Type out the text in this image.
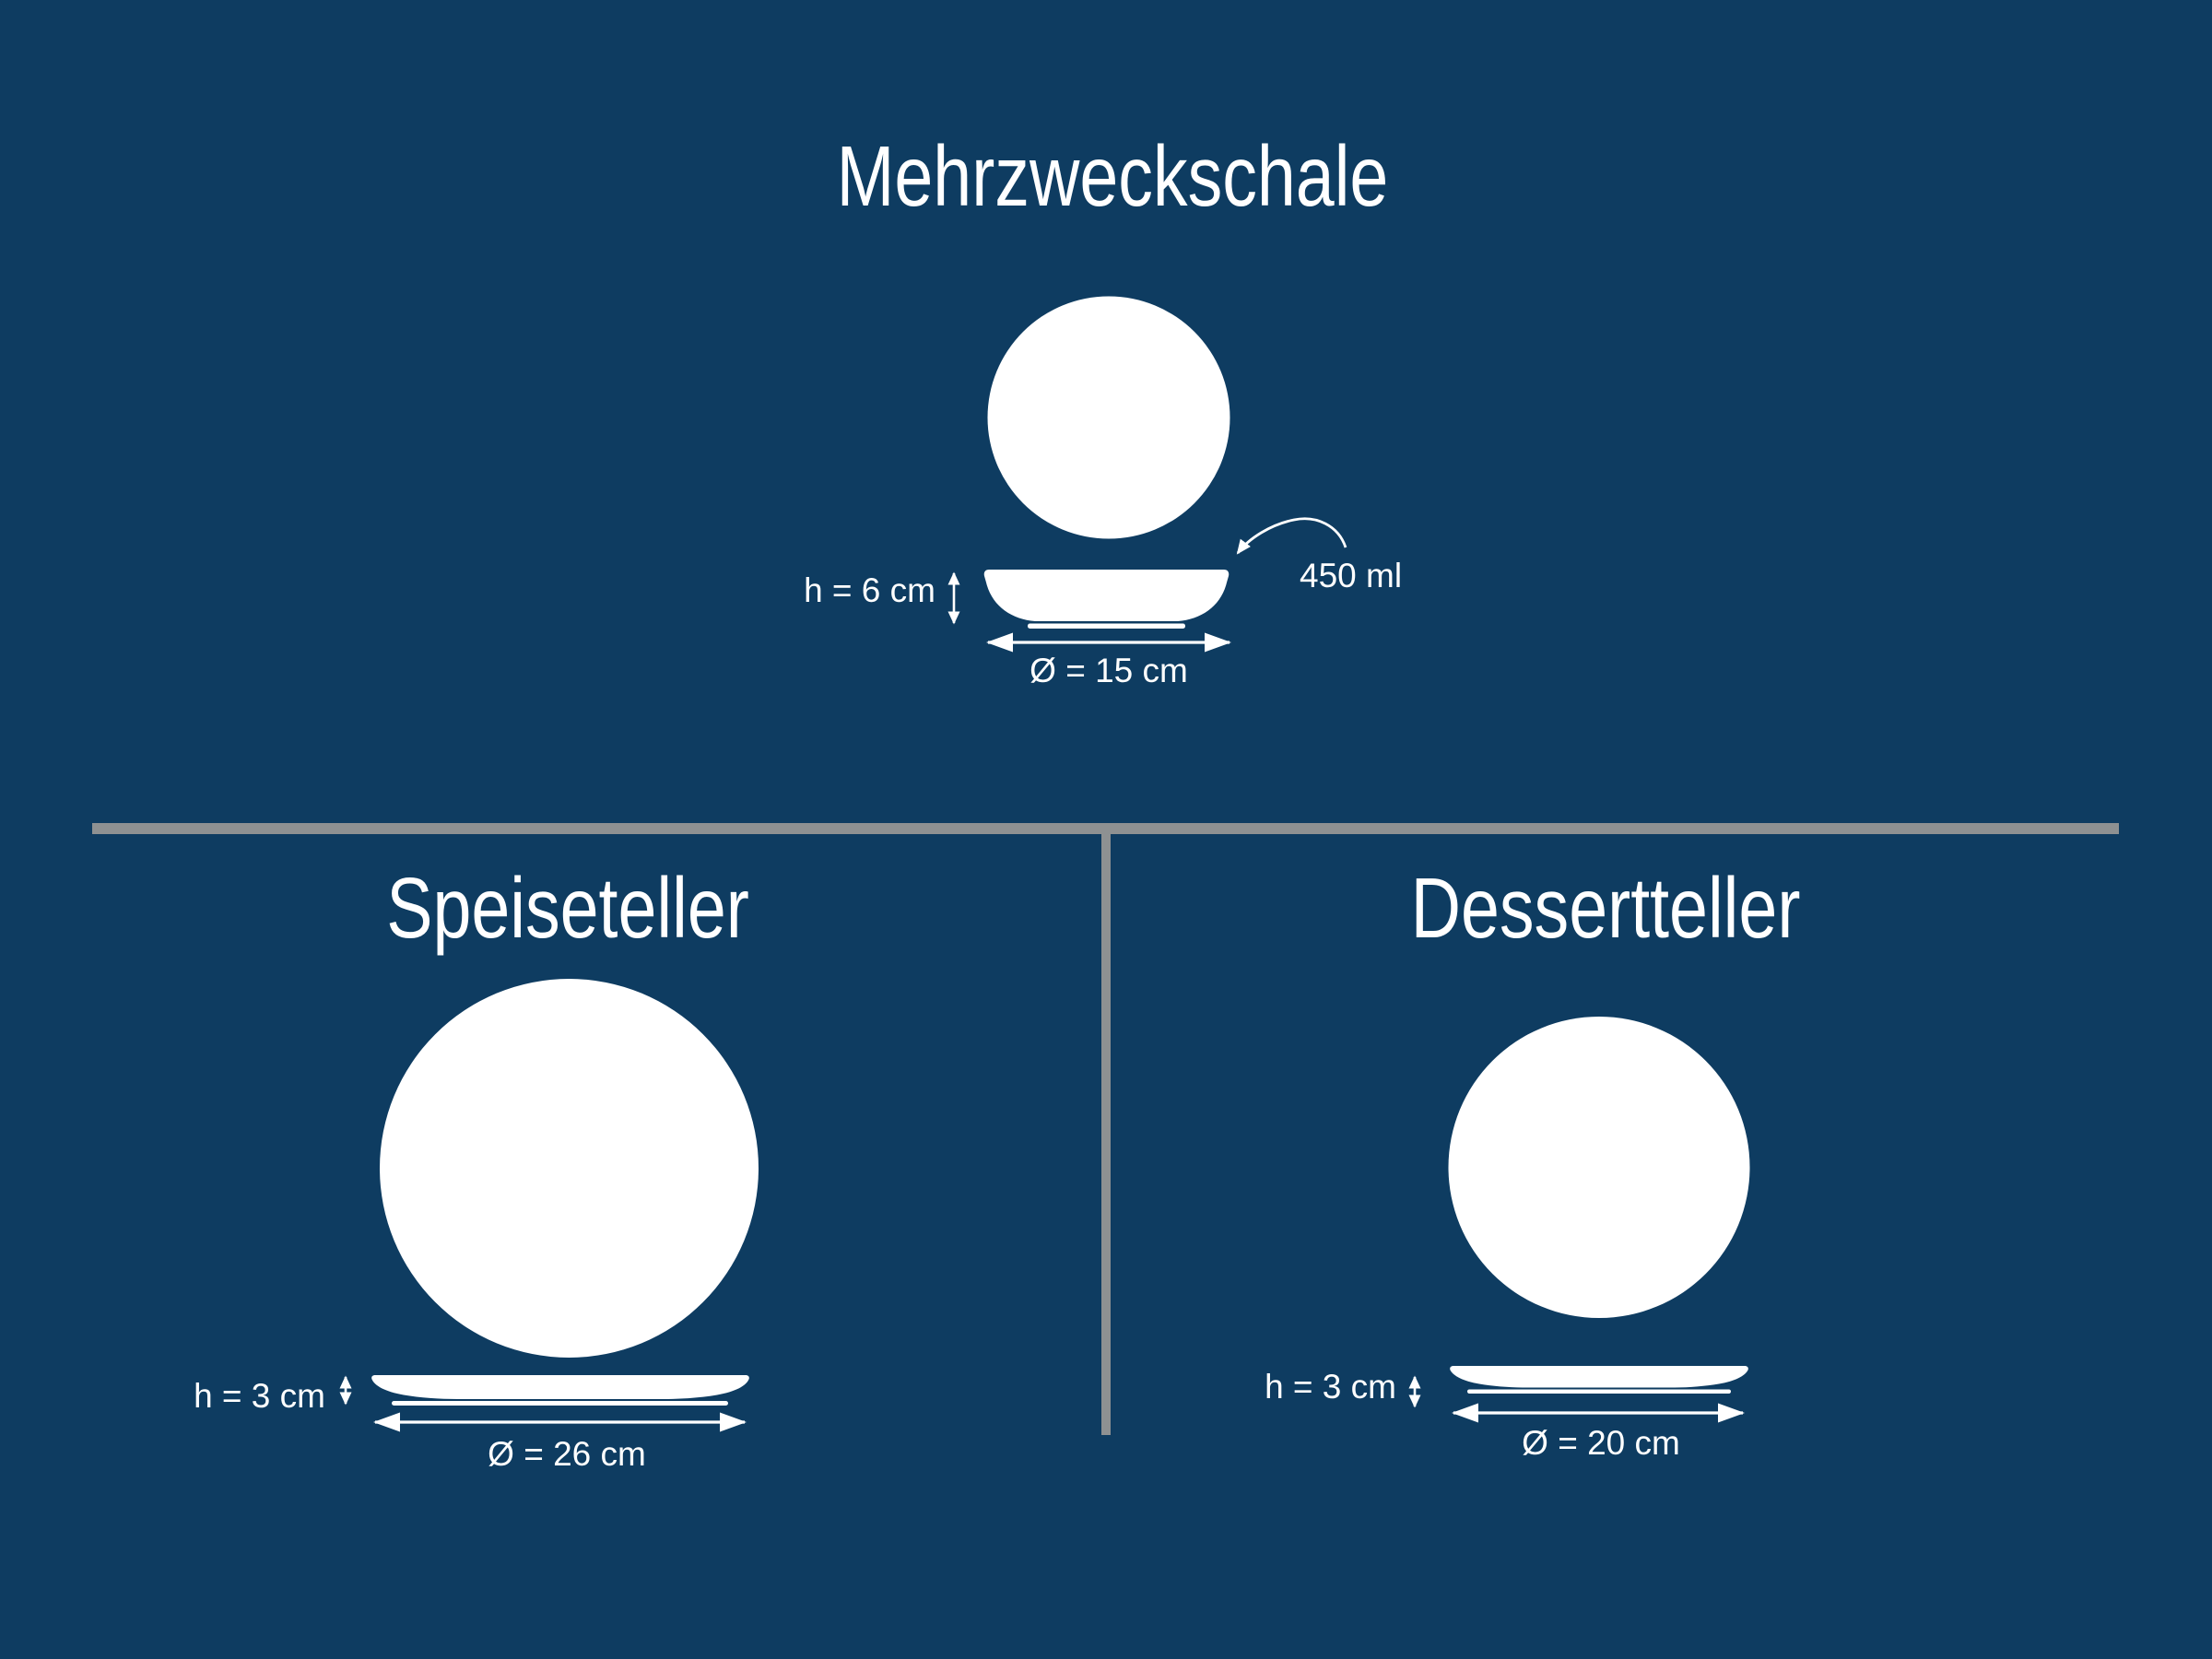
Mehrzweckschale
h = 6 cm
Ø = 15 cm
450 ml
Speiseteller
h = 3 cm
Ø = 26 cm
Dessertteller
h = 3 cm
Ø = 20 cm
